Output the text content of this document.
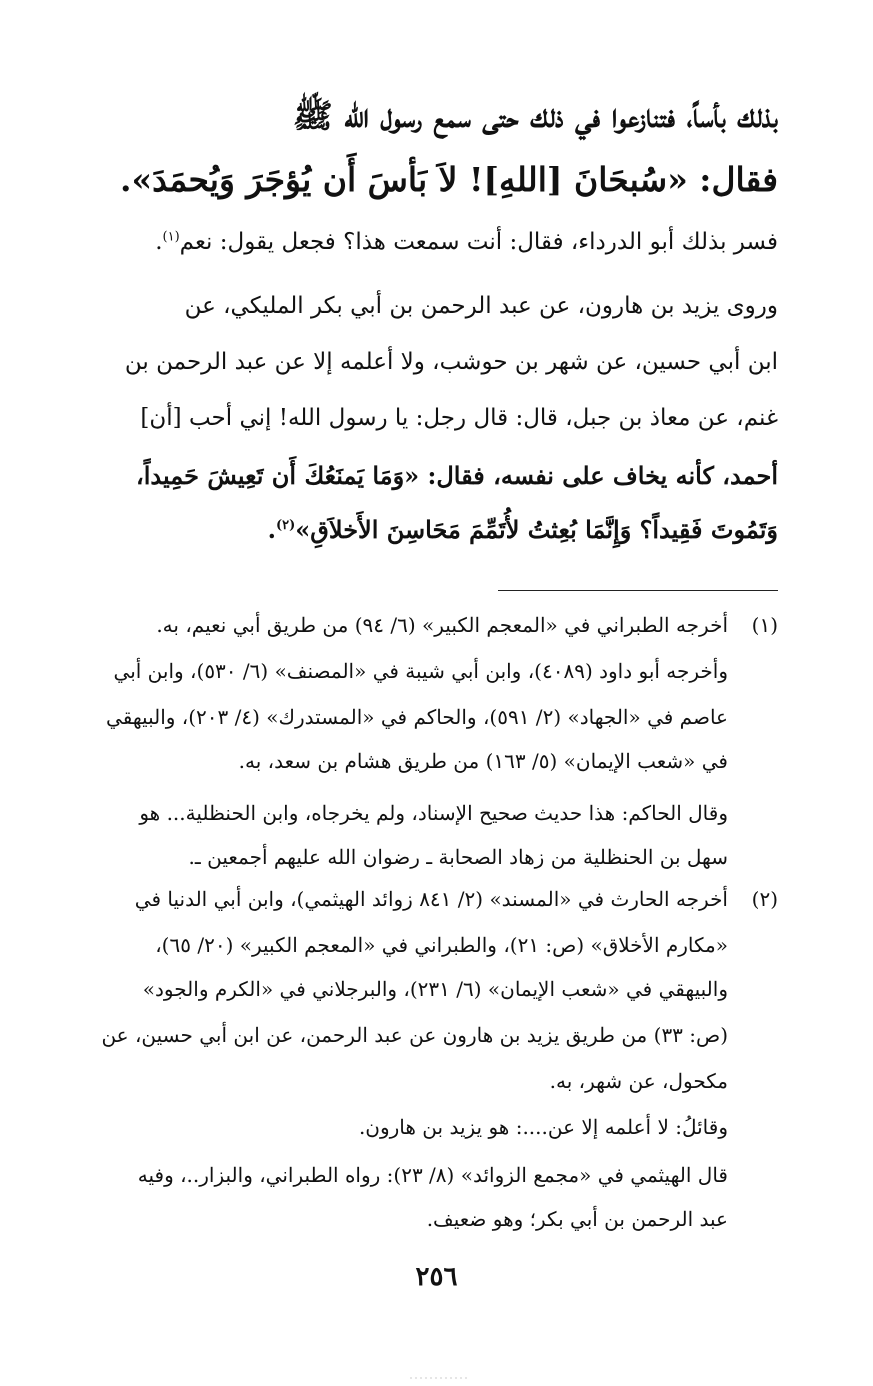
بذلك بأساً، فتنازعوا في ذلك حتى سمع رسول الله ﷺ
فقال: «سُبحَانَ [اللهِ]! لاَ بَأسَ أَن يُؤجَرَ وَيُحمَدَ».
فسر بذلك أبو الدرداء، فقال: أنت سمعت هذا؟ فجعل يقول: نعم$^{(١)}$.
وروى يزيد بن هارون، عن عبد الرحمن بن أبي بكر المليكي، عن
ابن أبي حسين، عن شهر بن حوشب، ولا أعلمه إلا عن عبد الرحمن بن
غنم، عن معاذ بن جبل، قال: قال رجل: يا رسول الله! إني أحب [أن]
أحمد، كأنه يخاف على نفسه، فقال: «وَمَا يَمنَعُكَ أَن تَعِيشَ حَمِيداً،
وَتَمُوتَ فَقِيداً؟ وَإِنَّمَا بُعِثتُ لأُتَمِّمَ مَحَاسِنَ الأَخلاَقِ»$^{(٢)}$.
(١)
أخرجه الطبراني في «المعجم الكبير» (٦/ ٩٤) من طريق أبي نعيم، به.
وأخرجه أبو داود (٤٠٨٩)، وابن أبي شيبة في «المصنف» (٦/ ٥٣٠)، وابن أبي
عاصم في «الجهاد» (٢/ ٥٩١)، والحاكم في «المستدرك» (٤/ ٢٠٣)، والبيهقي
في «شعب الإيمان» (٥/ ١٦٣) من طريق هشام بن سعد، به.
وقال الحاكم: هذا حديث صحيح الإسناد، ولم يخرجاه، وابن الحنظلية... هو
سهل بن الحنظلية من زهاد الصحابة ـ رضوان الله عليهم أجمعين ـ.
(٢)
أخرجه الحارث في «المسند» (٢/ ٨٤١ زوائد الهيثمي)، وابن أبي الدنيا في
«مكارم الأخلاق» (ص: ٢١)، والطبراني في «المعجم الكبير» (٢٠/ ٦٥)،
والبيهقي في «شعب الإيمان» (٦/ ٢٣١)، والبرجلاني في «الكرم والجود»
(ص: ٣٣) من طريق يزيد بن هارون عن عبد الرحمن، عن ابن أبي حسين، عن
مكحول، عن شهر، به.
وقائلُ: لا أعلمه إلا عن....: هو يزيد بن هارون.
قال الهيثمي في «مجمع الزوائد» (٨/ ٢٣): رواه الطبراني، والبزار..، وفيه
عبد الرحمن بن أبي بكر؛ وهو ضعيف.
٢٥٦
